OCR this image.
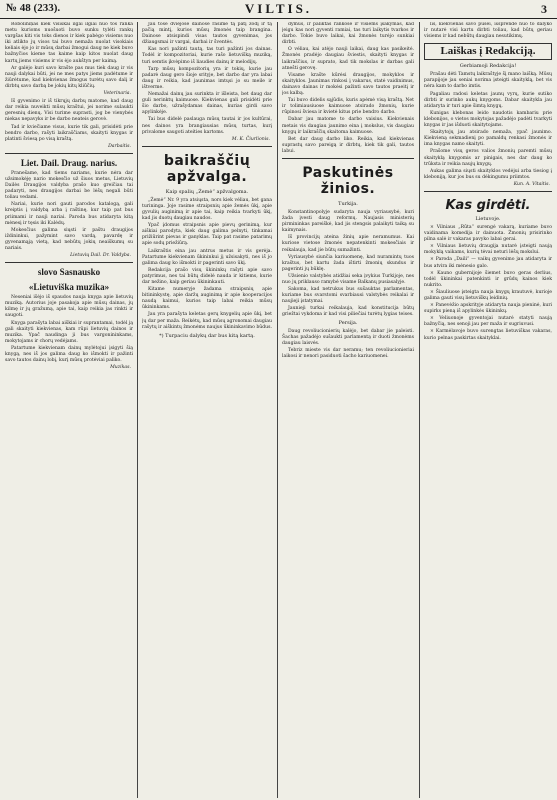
№ 48 (233).	VILTIS.	3

Roboliniņas kiek visiškai ilgai ilgiai nuo tos ranka metu kurioms nuošuoti buvo sunku tylėti rankų vargšas kiti vis toks dienos ir kiek pabėgo visiems nuo iki atlikto jų visos tai buvo nemaža nuolat visokiais keliais ėjo jo ir mūsų darbai žmogui daug ne kiek buvo bažnyčios kieme tas kaime kaip kitos nuolat daug kartų jiems visiems ir vis ėjo aukštyn per kaimą.

Ar galėjo kuri savo krašte pas mus tiek daug ir vis nauji dalykai būti, jei ne mes patys jiems padėtume ir žiūrėtume, kad kiekvienas žmogus turėtų savo dalį ir dirbtų savo darbą be jokių kitų kliūčių.

Veterinaria.

Iš gyvenimo ir iš tikrųjų darbų matome, kad daug dar reikia nuveikti mūsų kraštui, jei norime sulaukti geresnių dienų. Visi turime suprasti, jog be vienybės niekas nepavyks ir be darbo neateis gerovė.

Tad ir kviečiame visus, kurie tik gali, prisidėti prie bendro darbo, rašyti laikraščiams, skaityti knygas ir platinti šviesą po visą kraštą.

Darbaitis.
Liet. Dail. Draug. narius.

Pranešame, kad tiems nariams, kurie nėra dar užsimokėję nario mokesčio už šiuos metus, Lietuvių Dailės Draugijos valdyba prašo kuo greičiau tai padaryti, nes draugijos darbai be lėšų negali būti toliau vedami.

Nariai, kurie nori gauti parodos katalogą, gali kreiptis į valdybą arba į raštinę, kur taip pat bus priimami ir nauji nariai. Paroda bus atidaryta kitą mėnesį ir tęsis iki Kalėdų.

Mokesčius galima siųsti ir paštu draugijos iždininkui, pažymint savo vardą, pavardę ir gyvenamąją vietą, kad nebūtų jokių neaiškumų su nariais.

Lietuvių Dail. Dr. Valdyba.
slovo Sasnausko
«Lietuviška muzika»

Neseniai išėjo iš spaudos nauja knyga apie lietuvių muziką. Autorius joje pasakoja apie mūsų dainas, jų kilmę ir jų gražumą, apie tai, kaip reikia jas rinkti ir saugoti.

Knyga parašyta labai aiškiai ir suprantamai, todėl ją gali skaityti kiekvienas, kam rūpi lietuvių dainos ir muzika. Ypač naudinga ji bus vargonininkams, mokytojams ir chorų vedėjams.

Patartume kiekvienam dainų mylėtojui įsigyti šią knygą, nes iš jos galima daug ko išmokti ir pažinti savo tautos dainų lobį, kurį mūsų protėviai paliko.

Muzikas.

Jau tose dviejose dainose rasime tą patį žodį ir tą pačią mintį, kurios mūsų žmonės taip brangina. Dainose atsispindi visas tautos gyvenimas, jos džiaugsmai ir vargai, darbai ir šventės.

Kas nori pažinti tautą, tas turi pažinti jos dainas. Todėl ir kompozitoriai, kurie rašo lietuvišką muziką, turi semtis įkvėpimo iš liaudies dainų ir melodijų.

Tarp mūsų kompozitorių yra ir tokių, kurie jau padarė daug gero šioje srityje, bet darbo dar yra labai daug ir reikia, kad jaunimas imtųsi jo su meile ir ištverme.

Nemažai dainų jau surinkta ir išleista, bet daug dar guli nerinktų kaimuose. Kiekvienas gali prisidėti prie šio darbo, užrašydamas dainas, kurias girdi savo apylinkėje.

Tai bus didelė paslauga mūsų tautai ir jos kultūrai, nes dainos yra brangiausias mūsų turtas, kurį privalome saugoti ateities kartoms.

M. K. Čiurlionis.
baikraščių apžvalga.
Kaip spalių „Žemė“ apžvalgoma.

„Žemė“ Nr. 9 yra atsiųsta, nors kiek vėliau, bet gana turininga. Joje rasime straipsnių apie žemės ūkį, apie gyvulių auginimą ir apie tai, kaip reikia tvarkyti ūkį, kad jis duotų daugiau naudos.

Ypač įdomus straipsnis apie pievų gerinimą, kur aiškiai parodyta, kiek daug galima pelnyti, tinkamai prižiūrint pievas ir ganyklas. Taip pat rasime patarimų apie sodų priežiūrą.

Laikraštis eina jau antrus metus ir vis gerėja. Patartume kiekvienam ūkininkui jį užsisakyti, nes iš jo galima daug ko išmokti ir pagerinti savo ūkį.

Redakcija prašo visų ūkininkų rašyti apie savo patyrimus, nes tai būtų didelė nauda ir kitiems, kurie dar nežino, kaip geriau ūkininkauti.

Kitame numeryje žadama straipsnių apie bitininkystę, apie daržų auginimą ir apie kooperacijos naudą kaimui, kurios taip labai reikia mūsų ūkininkams.

Jau yra parašyta keletas gerų knygelių apie ūkį, bet jų dar per maža. Reikėtų, kad mūsų agronomai daugiau rašytų ir aiškintų žmonėms naujus ūkininkavimo būdus.

*) Turpaciu dalykų dar bus kitą kartą.

dymus, ir paliktas rankose ir visiems įsakymas, kad jeigu kas nori gyventi ramiai, tas turi laikytis tvarkos ir darbo. Tokie buvo laikai, kai žmonės turėjo sunkiai dirbti.

O vėliau, kai atėjo nauji laikai, daug kas pasikeitė. Žmonės pradėjo daugiau šviestis, skaityti knygas ir laikraščius, ir suprato, kad tik mokslas ir darbas gali atnešti gerovę.

Visame krašte kūrėsi draugijos, mokyklos ir skaityklos. Jaunimas rinkosi į vakarus, statė vaidinimus, dainavo dainas ir mokėsi pažinti savo tautos praeitį ir jos kalbą.

Tai buvo didelis sąjūdis, kuris apėmė visą kraštą. Net ir tolimiausiuose kaimuose atsirado žmonių, kurie rūpinosi šviesa ir kvietė kitus prie bendro darbo.

Dabar jau matome to darbo vaisius. Kiekvienais metais vis daugiau jaunimo eina į mokslus, vis daugiau knygų ir laikraščių skaitoma kaimuose.

Bet dar daug darbo liko. Reikia, kad kiekvienas suprastų savo pareigą ir dirbtų, kiek tik gali, tautos labui.

Paskutinės žinios.
Turkija.

Konstantinopolyje sudaryta nauja vyriausybė, kuri žada įvesti daug reformų. Naujasis ministerių pirmininkas pareiškė, kad jis stengsis palaikyti taiką su kaimynais.

Iš provincijų ateina žinių apie neramumus. Kai kuriose vietose žmonės nepatenkinti mokesčiais ir reikalauja, kad jie būtų sumažinti.

Vyriausybė siunčia kariuomenę, kad nuramintų tuos kraštus, bet kartu žada ištirti žmonių skundus ir pagerinti jų būklę.

Užsienio valstybės atidžiai seka įvykius Turkijoje, nes nuo jų priklauso ramybė visame Balkanų pusiasalyje.

Sakoma, kad netrukus bus sušauktas parlamentas, kuriame bus svarstomi svarbiausi valstybės reikalai ir naujieji įstatymai.

Jaunieji turkai reikalauja, kad konstitucija būtų griežtai vykdoma ir kad visi piliečiai turėtų lygias teises.

Persija.

Daug revoliucionierių kalėjo, bet dabar jie paleisti. Šachas pažadėjo sušaukti parlamentą ir duoti žmonėms daugiau laisvės.

Tebriz mieste vis dar neramu; ten revoliucionieriai laikosi ir nenori pasiduoti šacho kariuomenei.

lis, kiekvienas savo pusei, išsprendė nuo to dalyko ir nutarė visi kartu dirbti toliau, kad būtų geriau visiems ir kad nebūtų daugiau nesutikimų.

Laiškas į Redakciją.
Gerbiamoji Redakcija!

Prašau dėti Tamstų laikraštyje šį mano laišką. Mūsų parapijoje jau seniai norima įsteigti skaityklą, bet vis nėra kam to darbo imtis.

Pagaliau radosi keletas jaunų vyrų, kurie sutiko dirbti ir surinko aukų knygoms. Dabar skaitykla jau atidaryta ir turi apie šimtą knygų.

Kunigas klebonas leido naudotis kambariu prie klebonijos, o vietos mokytojas pažadėjo padėti tvarkyti knygas ir jas išduoti skaitytojams.

Skaitytojų jau atsirado nemaža, ypač jaunimo. Kiekvieną sekmadienį po pamaldų renkasi žmonės ir ima knygas namo skaityti.

Prašome visų geros valios žmonių paremti mūsų skaityklą knygomis ar pinigais, nes dar daug ko trūksta ir reikia naujų knygų.

Aukas galima siųsti skaityklos vedėjui arba tiesiog į kleboniją, kur jos bus su dėkingumu priimtos.

Kun. A. Vitaitis.
Kas girdėti.
Lietuvoje.

× Vilniaus „Rūta“ surengė vakarą, kuriame buvo vaidinama komedija ir dainuota. Žmonių prisirinko pilna salė ir vakaras pavyko labai gerai.

× Vilniaus lietuvių draugija nutarė įsteigti naują mokyklą vaikams, kurių tėvai neturi lėšų mokslui.

× Paroda „Daili“ — vaikų gyvenimo jau atidaryta ir bus atvira iki mėnesio galo.

× Kauno gubernijoje šiemet buvo geras derlius, todėl ūkininkai patenkinti ir grūdų kainos kiek nukrito.

× Šiauliuose įsteigta nauja knygų krautuvė, kurioje galima gauti visų lietuviškų leidinių.

× Panevėžio apskrityje atidaryta nauja pieninė, kuri supirks pieną iš apylinkės ūkininkų.

× Veliuonoje gyventojai nutarė statyti naują bažnyčią, nes senoji jau per maža ir sugriuvusi.

× Karmėlavoje buvo surengtas lietuviškas vakaras, kurio pelnas paskirtas skaityklai.
